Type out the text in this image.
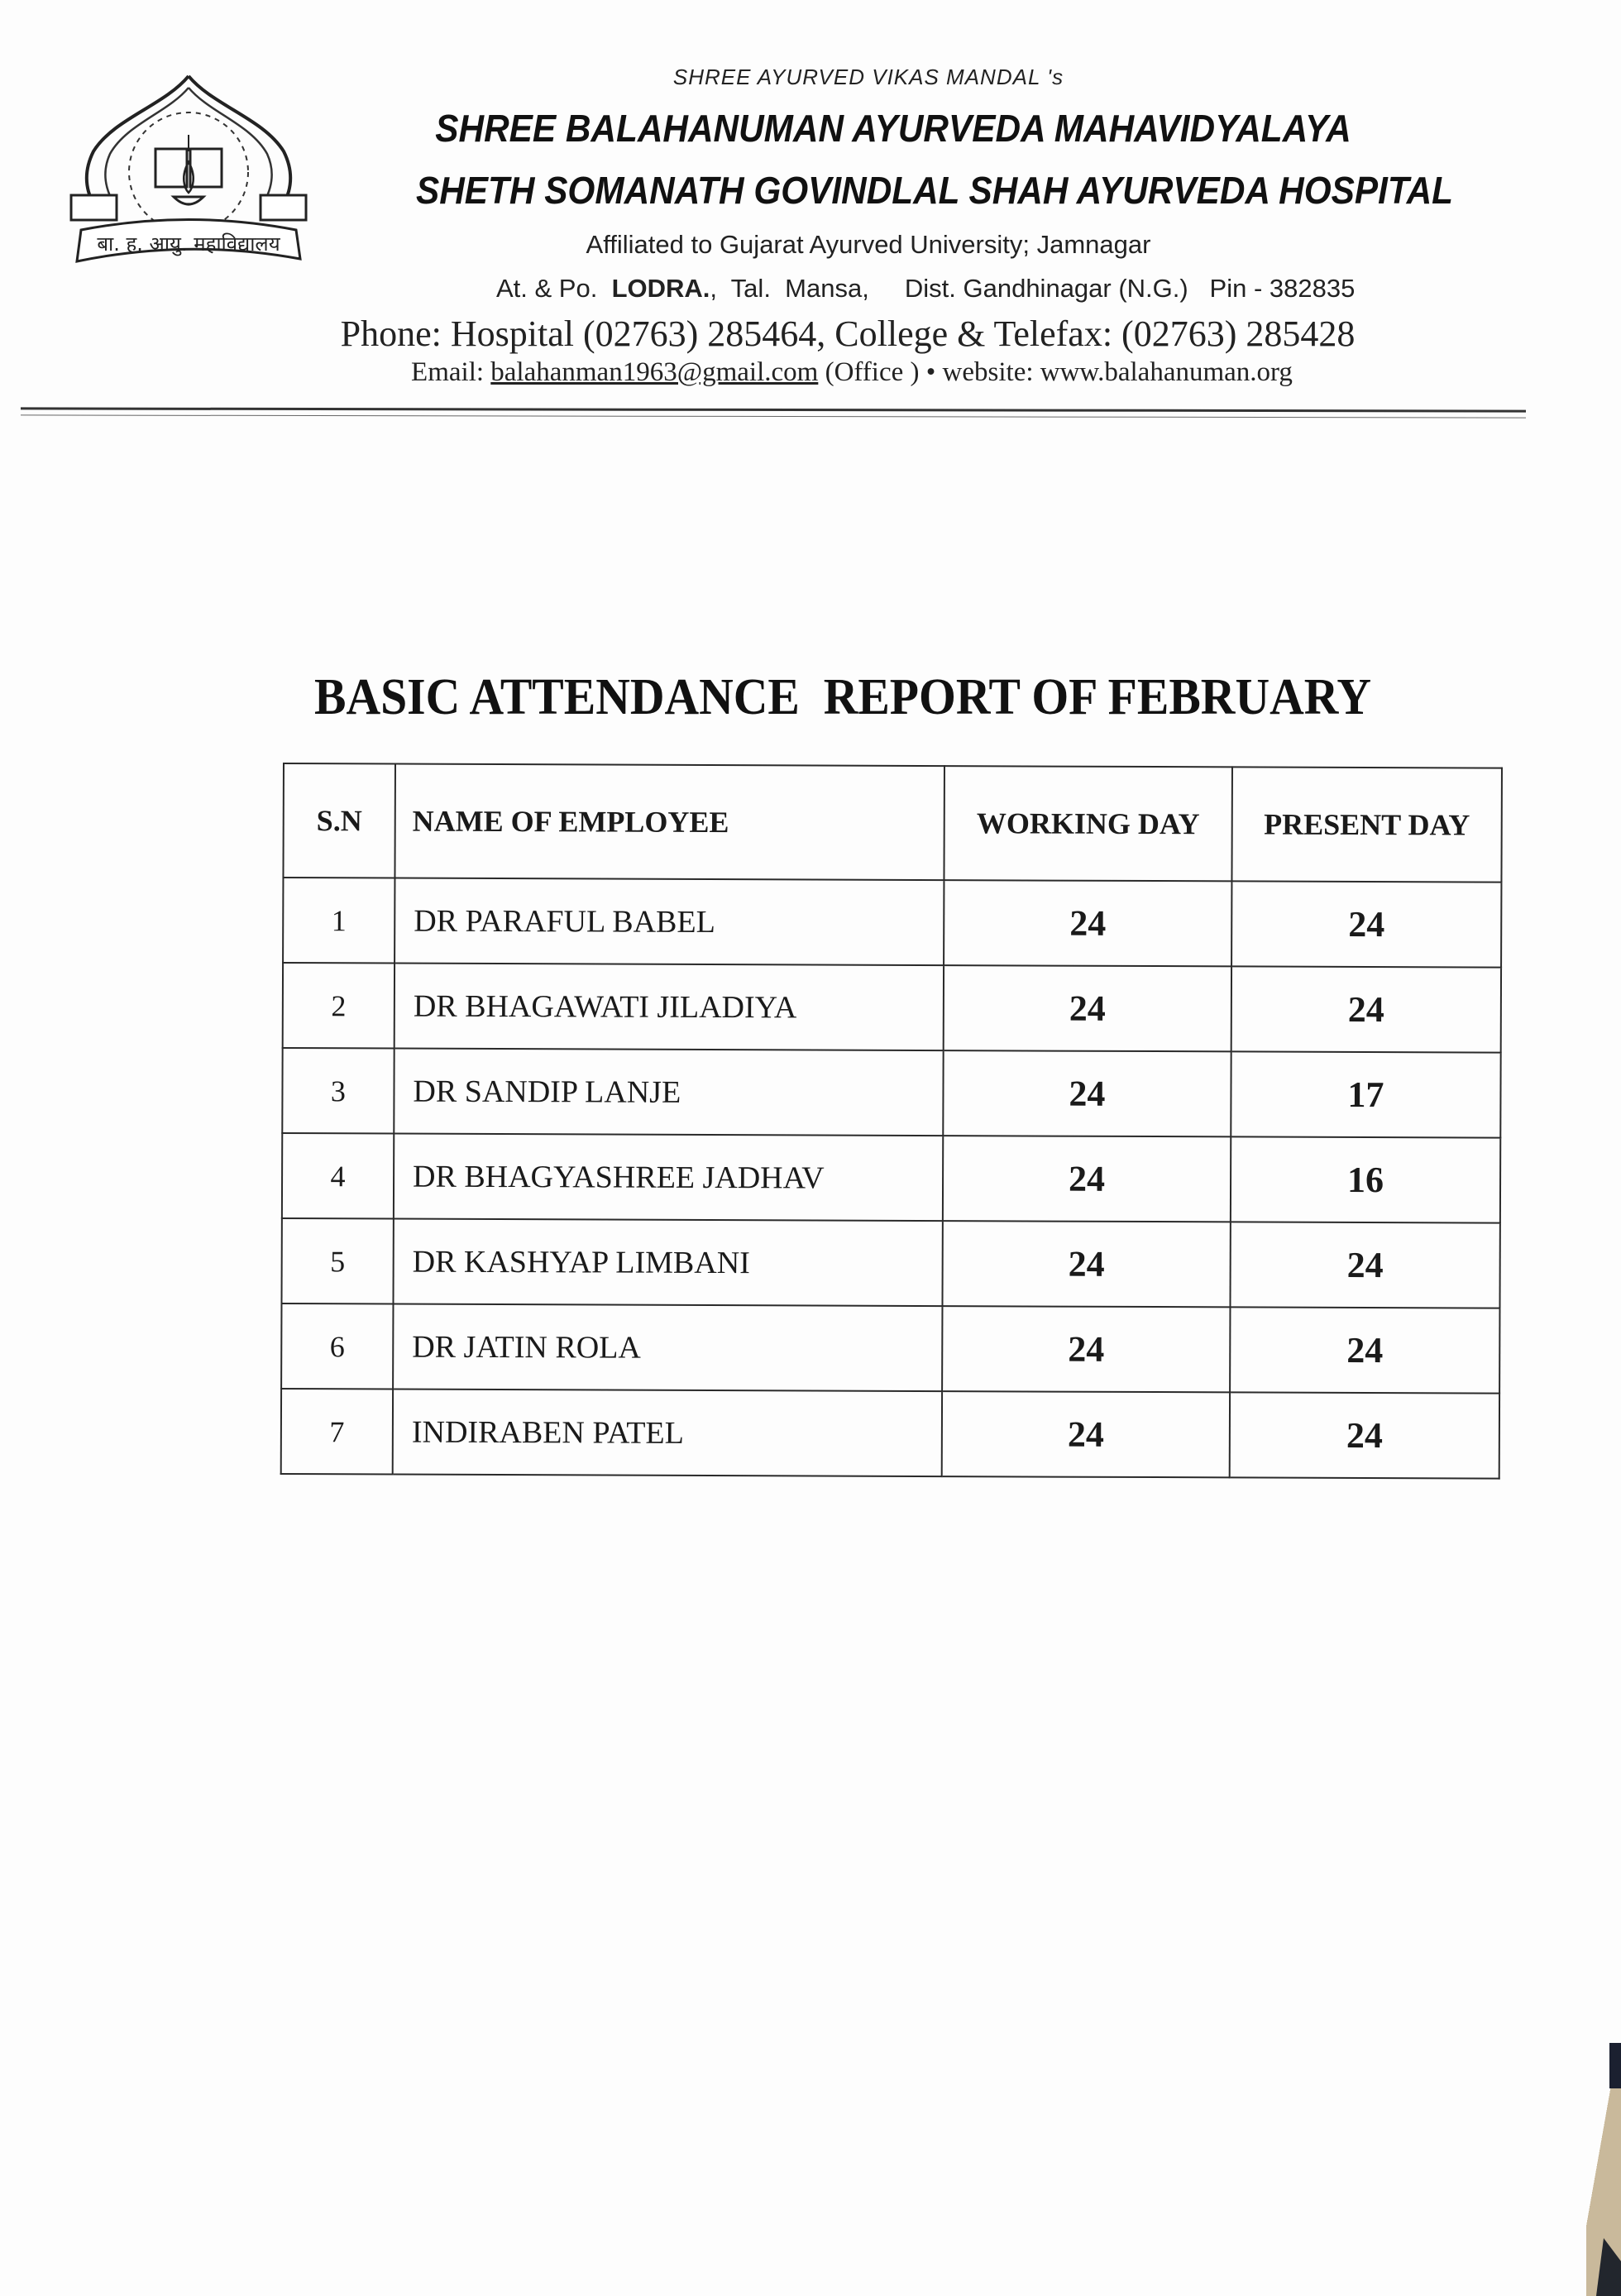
बा. ह. आयु. महाविद्यालय
SHREE AYURVED VIKAS MANDAL 's
SHREE BALAHANUMAN AYURVEDA MAHAVIDYALAYA
SHETH SOMANATH GOVINDLAL SHAH AYURVEDA HOSPITAL
Affiliated to Gujarat Ayurved University; Jamnagar
At. & Po. LODRA.,  Tal.  Mansa,     Dist. Gandhinagar (N.G.)   Pin - 382835
Phone: Hospital (02763) 285464, College & Telefax: (02763) 285428
Email: balahanman1963@gmail.com (Office ) • website: www.balahanuman.org
BASIC ATTENDANCE  REPORT OF FEBRUARY
S.N	NAME OF EMPLOYEE	WORKING DAY	PRESENT DAY
1	DR PARAFUL BABEL	24	24
2	DR BHAGAWATI JILADIYA	24	24
3	DR SANDIP LANJE	24	17
4	DR BHAGYASHREE JADHAV	24	16
5	DR KASHYAP LIMBANI	24	24
6	DR JATIN ROLA	24	24
7	INDIRABEN PATEL	24	24
